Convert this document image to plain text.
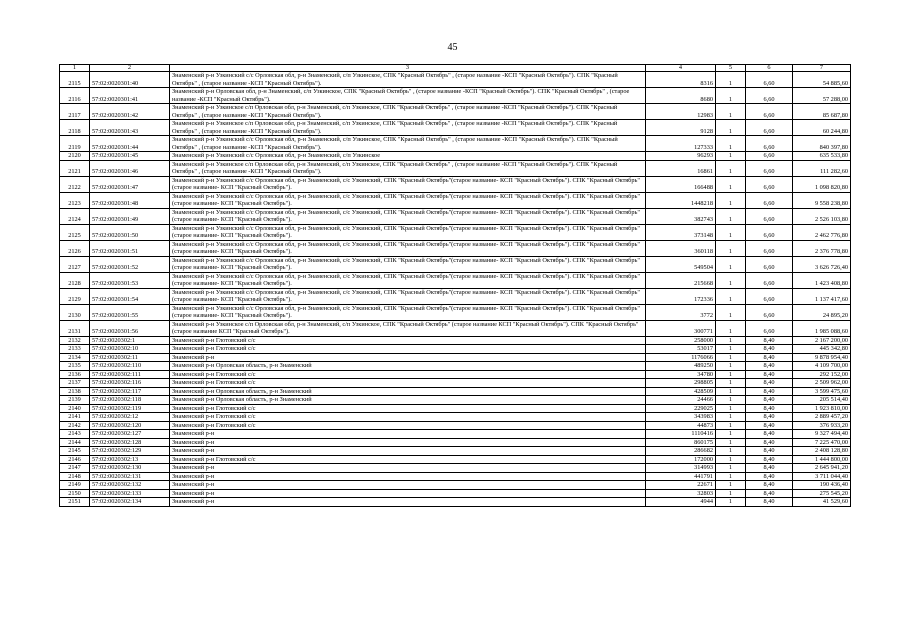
45
1	2	3	4	5	6	7
2115	57:02:0020301:40	Знаменский р-н Узкинский с/с Орловская обл, р-н Знаменский, с/п Узкинское, СПК "Красный Октябрь" , (старое название -КСП "Красный Октябрь"). СПК "Красный Октябрь" , (старое название -КСП "Красный Октябрь").	8316	1	6,60	54 885,60
2116	57:02:0020301:41	Знаменский р-н Орловская обл, р-н Знаменский, с/п Узкинское, СПК "Красный Октябрь" , (старое название -КСП "Красный Октябрь"). СПК "Красный Октябрь" , (старое название -КСП "Красный Октябрь").	8680	1	6,60	57 288,00
2117	57:02:0020301:42	Знаменский р-н Узкинское с/п Орловская обл, р-н Знаменский, с/п Узкинское, СПК "Красный Октябрь" , (старое название -КСП "Красный Октябрь"). СПК "Красный Октябрь" , (старое название -КСП "Красный Октябрь").	12983	1	6,60	85 687,80
2118	57:02:0020301:43	Знаменский р-н Узкинское с/п Орловская обл, р-н Знаменский, с/п Узкинское, СПК "Красный Октябрь" , (старое название -КСП "Красный Октябрь"). СПК "Красный Октябрь" , (старое название -КСП "Красный Октябрь").	9128	1	6,60	60 244,80
2119	57:02:0020301:44	Знаменский р-н Узкинский с/с Орловская обл, р-н Знаменский, с/п Узкинское, СПК "Красный Октябрь" , (старое название -КСП "Красный Октябрь"). СПК "Красный Октябрь" , (старое название -КСП "Красный Октябрь").	127333	1	6,60	840 397,80
2120	57:02:0020301:45	Знаменский р-н Узкинский с/с Орловская обл, р-н Знаменский, с/п Узкинское	96293	1	6,60	635 533,80
2121	57:02:0020301:46	Знаменский р-н Узкинское с/п Орловская обл, р-н Знаменский, с/п Узкинское, СПК "Красный Октябрь" , (старое название -КСП "Красный Октябрь"). СПК "Красный Октябрь" , (старое название -КСП "Красный Октябрь").	16861	1	6,60	111 282,60
2122	57:02:0020301:47	Знаменский р-н Узкинский с/с Орловская обл, р-н Знаменский, с/с Узкинский, СПК "Красный Октябрь"(старое название- КСП "Красный Октябрь"). СПК "Красный Октябрь"(старое название- КСП "Красный Октябрь").	166488	1	6,60	1 098 820,80
2123	57:02:0020301:48	Знаменский р-н Узкинский с/с Орловская обл, р-н Знаменский, с/с Узкинский, СПК "Красный Октябрь"(старое название- КСП "Красный Октябрь"). СПК "Красный Октябрь"(старое название- КСП "Красный Октябрь").	1448218	1	6,60	9 558 238,80
2124	57:02:0020301:49	Знаменский р-н Узкинский с/с Орловская обл, р-н Знаменский, с/с Узкинский, СПК "Красный Октябрь"(старое название- КСП "Красный Октябрь"). СПК "Красный Октябрь"(старое название- КСП "Красный Октябрь").	382743	1	6,60	2 526 103,80
2125	57:02:0020301:50	Знаменский р-н Узкинский с/с Орловская обл, р-н Знаменский, с/с Узкинский, СПК "Красный Октябрь"(старое название- КСП "Красный Октябрь"). СПК "Красный Октябрь"(старое название- КСП "Красный Октябрь").	373148	1	6,60	2 462 776,80
2126	57:02:0020301:51	Знаменский р-н Узкинский с/с Орловская обл, р-н Знаменский, с/с Узкинский, СПК "Красный Октябрь"(старое название- КСП "Красный Октябрь"). СПК "Красный Октябрь"(старое название- КСП "Красный Октябрь").	360118	1	6,60	2 376 778,80
2127	57:02:0020301:52	Знаменский р-н Узкинский с/с Орловская обл, р-н Знаменский, с/с Узкинский, СПК "Красный Октябрь"(старое название- КСП "Красный Октябрь"). СПК "Красный Октябрь"(старое название- КСП "Красный Октябрь").	549504	1	6,60	3 626 726,40
2128	57:02:0020301:53	Знаменский р-н Узкинский с/с Орловская обл, р-н Знаменский, с/с Узкинский, СПК "Красный Октябрь"(старое название- КСП "Красный Октябрь"). СПК "Красный Октябрь"(старое название- КСП "Красный Октябрь").	215668	1	6,60	1 423 408,80
2129	57:02:0020301:54	Знаменский р-н Узкинский с/с Орловская обл, р-н Знаменский, с/с Узкинский, СПК "Красный Октябрь"(старое название- КСП "Красный Октябрь"). СПК "Красный Октябрь"(старое название- КСП "Красный Октябрь").	172336	1	6,60	1 137 417,60
2130	57:02:0020301:55	Знаменский р-н Узкинский с/с Орловская обл, р-н Знаменский, с/с Узкинский, СПК "Красный Октябрь"(старое название- КСП "Красный Октябрь"). СПК "Красный Октябрь"(старое название- КСП "Красный Октябрь").	3772	1	6,60	24 895,20
2131	57:02:0020301:56	Знаменский р-н Узкинское с/п Орловская обл, р-н Знаменский, с/п Узкинское, СПК "Красный Октябрь" (старое название КСП "Красный Октябрь"). СПК "Красный Октябрь" (старое название КСП "Красный Октябрь").	300771	1	6,60	1 985 088,60
2132	57:02:0020302:1	Знаменский р-н Глотовский с/с	258000	1	8,40	2 167 200,00
2133	57:02:0020302:10	Знаменский р-н Глотовский с/с	53017	1	8,40	445 342,80
2134	57:02:0020302:11	Знаменский р-н	1176066	1	8,40	9 878 954,40
2135	57:02:0020302:110	Знаменский р-н Орловская область, р-н Знаменский	489250	1	8,40	4 109 700,00
2136	57:02:0020302:111	Знаменский р-н Глотовский с/с	34780	1	8,40	292 152,00
2137	57:02:0020302:116	Знаменский р-н Глотовский с/с	298805	1	8,40	2 509 962,00
2138	57:02:0020302:117	Знаменский р-н Орловская область, р-н Знаменский	428509	1	8,40	3 599 475,60
2139	57:02:0020302:118	Знаменский р-н Орловская область, р-н Знаменский	24466	1	8,40	205 514,40
2140	57:02:0020302:119	Знаменский р-н Глотовский с/с	229025	1	8,40	1 923 810,00
2141	57:02:0020302:12	Знаменский р-н Глотовский с/с	343983	1	8,40	2 889 457,20
2142	57:02:0020302:120	Знаменский р-н Глотовский с/с	44873	1	8,40	376 933,20
2143	57:02:0020302:127	Знаменский р-н	1110416	1	8,40	9 327 494,40
2144	57:02:0020302:128	Знаменский р-н	860175	1	8,40	7 225 470,00
2145	57:02:0020302:129	Знаменский р-н	286682	1	8,40	2 408 128,80
2146	57:02:0020302:13	Знаменский р-н Глотовский с/с	172000	1	8,40	1 444 800,00
2147	57:02:0020302:130	Знаменский р-н	314993	1	8,40	2 645 941,20
2148	57:02:0020302:131	Знаменский р-н	441791	1	8,40	3 711 044,40
2149	57:02:0020302:132	Знаменский р-н	22671	1	8,40	190 436,40
2150	57:02:0020302:133	Знаменский р-н	32803	1	8,40	275 545,20
2151	57:02:0020302:134	Знаменский р-н	4944	1	8,40	41 529,60
